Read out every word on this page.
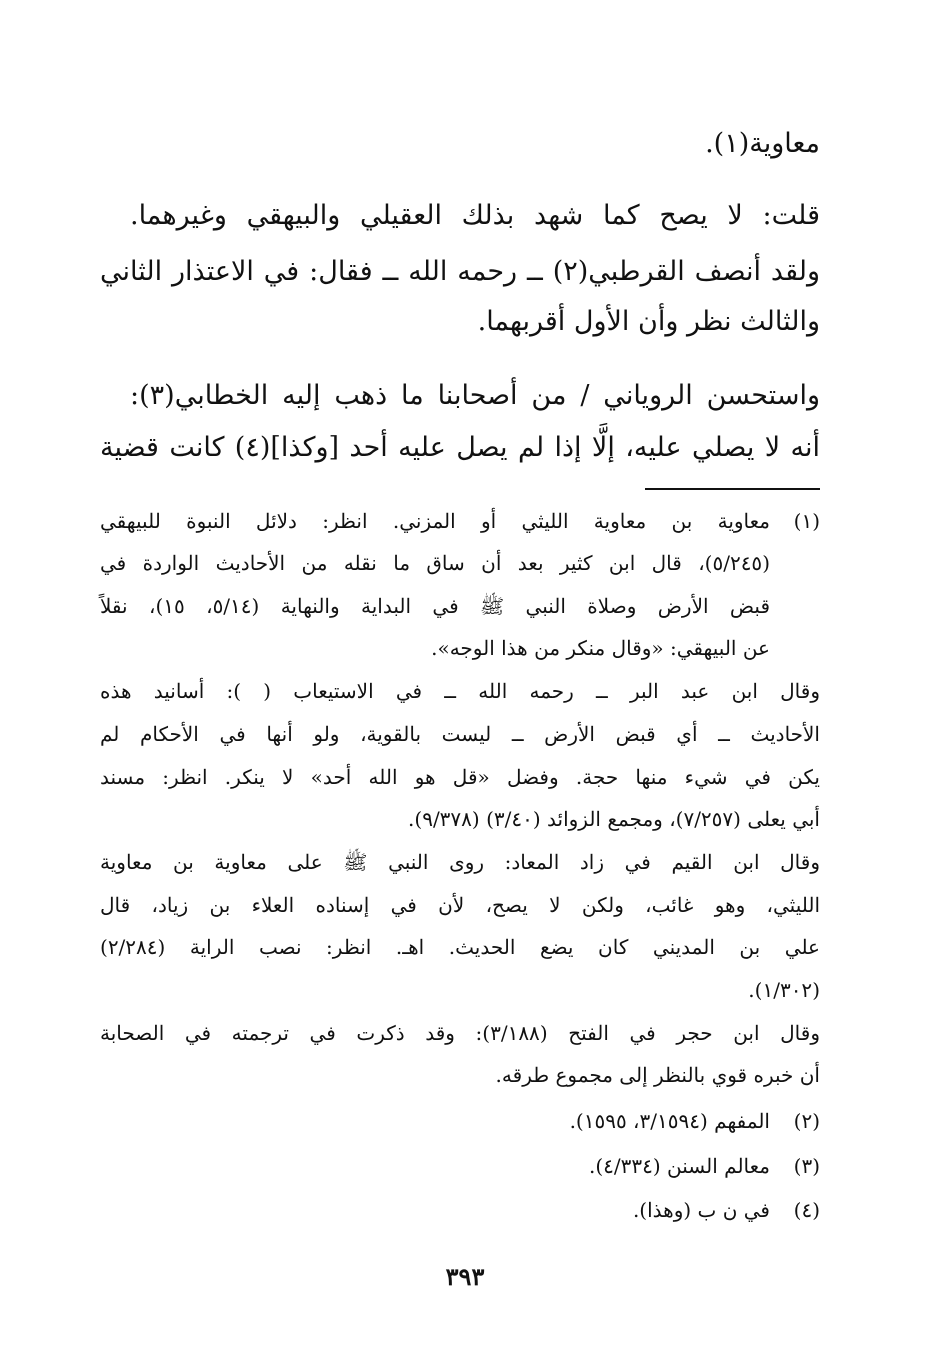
معاوية(١).
قلت: لا يصح كما شهد بذلك العقيلي والبيهقي وغيرهما.
ولقد أنصف القرطبي(٢) ــ رحمه الله ــ فقال: في الاعتذار الثاني
والثالث نظر وأن الأول أقربهما.
واستحسن الروياني / من أصحابنا ما ذهب إليه الخطابي(٣):
أنه لا يصلي عليه، إلَّا إذا لم يصل عليه أحد [وكذا](٤) كانت قضية
(١)
معاوية بن معاوية الليثي أو المزني. انظر: دلائل النبوة للبيهقي
(٥/٢٤٥)، قال ابن كثير بعد أن ساق ما نقله من الأحاديث الواردة في
قبض الأرض وصلاة النبي ﷺ في البداية والنهاية (٥/١٤، ١٥)، نقلاً
عن البيهقي: «وقال منكر من هذا الوجه».
وقال ابن عبد البر ــ رحمه الله ــ في الاستيعاب ( ): أسانيد هذه
الأحاديث ــ أي قبض الأرض ــ ليست بالقوية، ولو أنها في الأحكام لم
يكن في شيء منها حجة. وفضل «قل هو الله أحد» لا ينكر. انظر: مسند
أبي يعلى (٧/٢٥٧)، ومجمع الزوائد (٣/٤٠) (٩/٣٧٨).
وقال ابن القيم في زاد المعاد: روى النبي ﷺ على معاوية بن معاوية
الليثي، وهو غائب، ولكن لا يصح، لأن في إسناده العلاء بن زياد، قال
علي بن المديني كان يضع الحديث. اهـ. انظر: نصب الراية (٢/٢٨٤)
(١/٣٠٢).
وقال ابن حجر في الفتح (٣/١٨٨): وقد ذكرت في ترجمته في الصحابة
أن خبره قوي بالنظر إلى مجموع طرقه.
(٢)
المفهم (٣/١٥٩٤، ١٥٩٥).
(٣)
معالم السنن (٤/٣٣٤).
(٤)
في ن ب (وهذا).
٣٩٣
